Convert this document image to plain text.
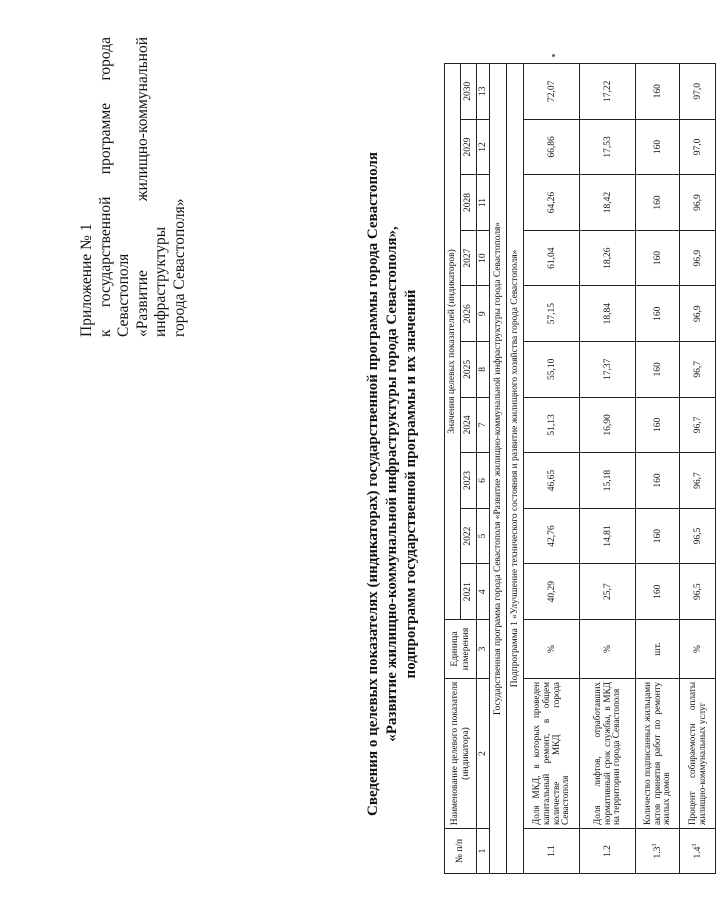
Приложение № 1 к государственной программе города Севастополя «Развитие жилищно-коммунальной инфраструктуры города Севастополя»	Сведения о целевых показателях (индикаторах) государственной программы города Севастополя «Развитие жилищно-коммунальной инфраструктуры города Севастополя», подпрограмм государственной программы и их значений
№ п/п	Наименование целевого показателя (индикатора)	Единица измерения	Значения целевых показателей (индикаторов)									
			2021	2022	2023	2024	2025	2026	2027	2028	2029	2030
1	2	3	4	5	6	7	8	9	10	11	12	13
Государственная программа города Севастополя «Развитие жилищно-коммунальной инфраструктуры города Севастополя»												
Подпрограмма 1 «Улучшение технического состояния и развитие жилищного хозяйства города Севастополя»												
1.1	Доля МКД, в которых проведен капитальный ремонт, в общем количестве МКД города Севастополя	%	40,29	42,76	46,65	51,13	55,10	57,15	61,04	64,26	66,86	72,07
1.2	Доля лифтов, отработавших нормативный срок службы, в МКД на территории города Севастополя	%	25,7	14,81	15,18	16,90	17,37	18,84	18,26	18,42	17,53	17,22
$1.3^3$	Количество подписанных жильцами актов принятия работ по ремонту жилых домов	шт.	160	160	160	160	160	160	160	160	160	160
$1.4^3$	Процент собираемости оплаты жилищно-коммунальных услуг	%	96,5	96,5	96,7	96,7	96,7	96,9	96,9	96,9	97,0	97,0
